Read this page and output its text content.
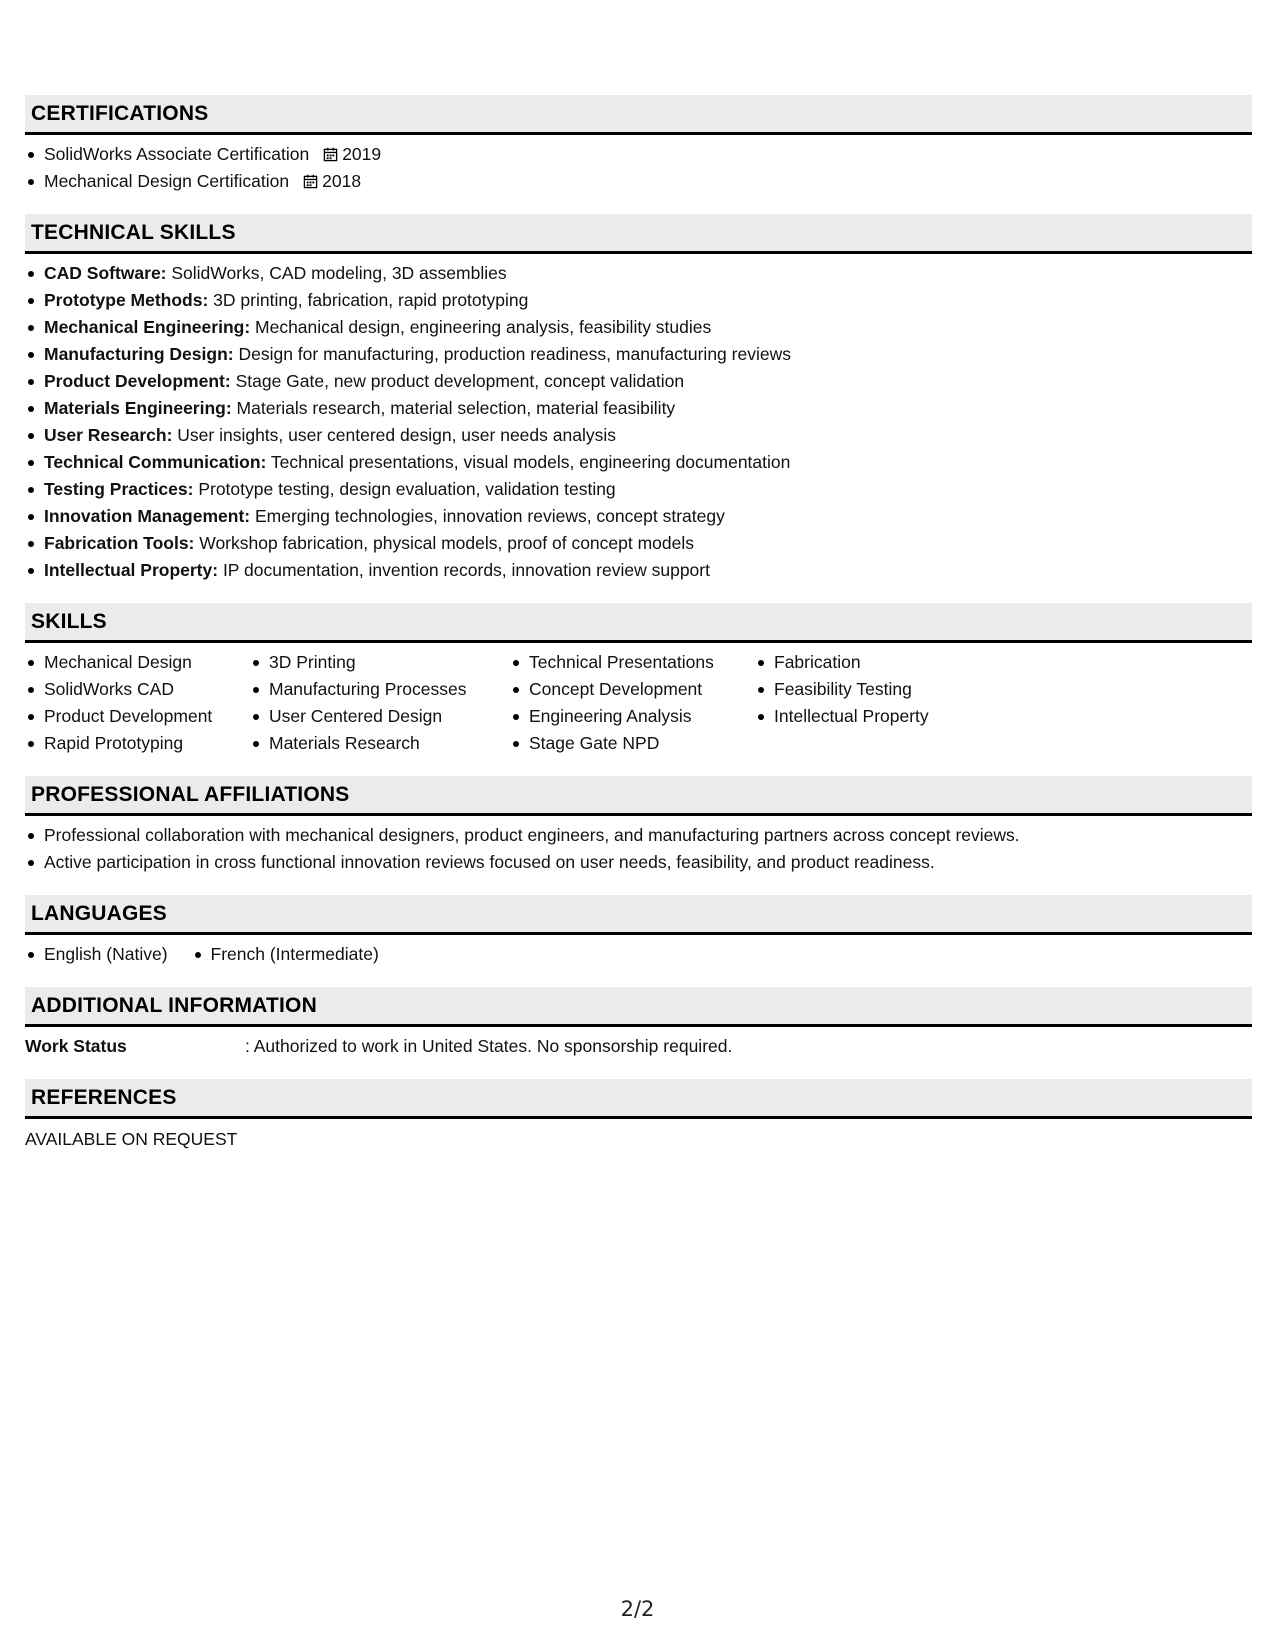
CERTIFICATIONS
SolidWorks Associate Certification 2019
Mechanical Design Certification 2018
TECHNICAL SKILLS
CAD Software: SolidWorks, CAD modeling, 3D assemblies
Prototype Methods: 3D printing, fabrication, rapid prototyping
Mechanical Engineering: Mechanical design, engineering analysis, feasibility studies
Manufacturing Design: Design for manufacturing, production readiness, manufacturing reviews
Product Development: Stage Gate, new product development, concept validation
Materials Engineering: Materials research, material selection, material feasibility
User Research: User insights, user centered design, user needs analysis
Technical Communication: Technical presentations, visual models, engineering documentation
Testing Practices: Prototype testing, design evaluation, validation testing
Innovation Management: Emerging technologies, innovation reviews, concept strategy
Fabrication Tools: Workshop fabrication, physical models, proof of concept models
Intellectual Property: IP documentation, invention records, innovation review support
SKILLS
Mechanical Design
SolidWorks CAD
Product Development
Rapid Prototyping
3D Printing
Manufacturing Processes
User Centered Design
Materials Research
Technical Presentations
Concept Development
Engineering Analysis
Stage Gate NPD
Fabrication
Feasibility Testing
Intellectual Property
PROFESSIONAL AFFILIATIONS
Professional collaboration with mechanical designers, product engineers, and manufacturing partners across concept reviews.
Active participation in cross functional innovation reviews focused on user needs, feasibility, and product readiness.
LANGUAGES
English (Native)	French (Intermediate)
ADDITIONAL INFORMATION
Work Status	: Authorized to work in United States. No sponsorship required.
REFERENCES
AVAILABLE ON REQUEST
2/2
